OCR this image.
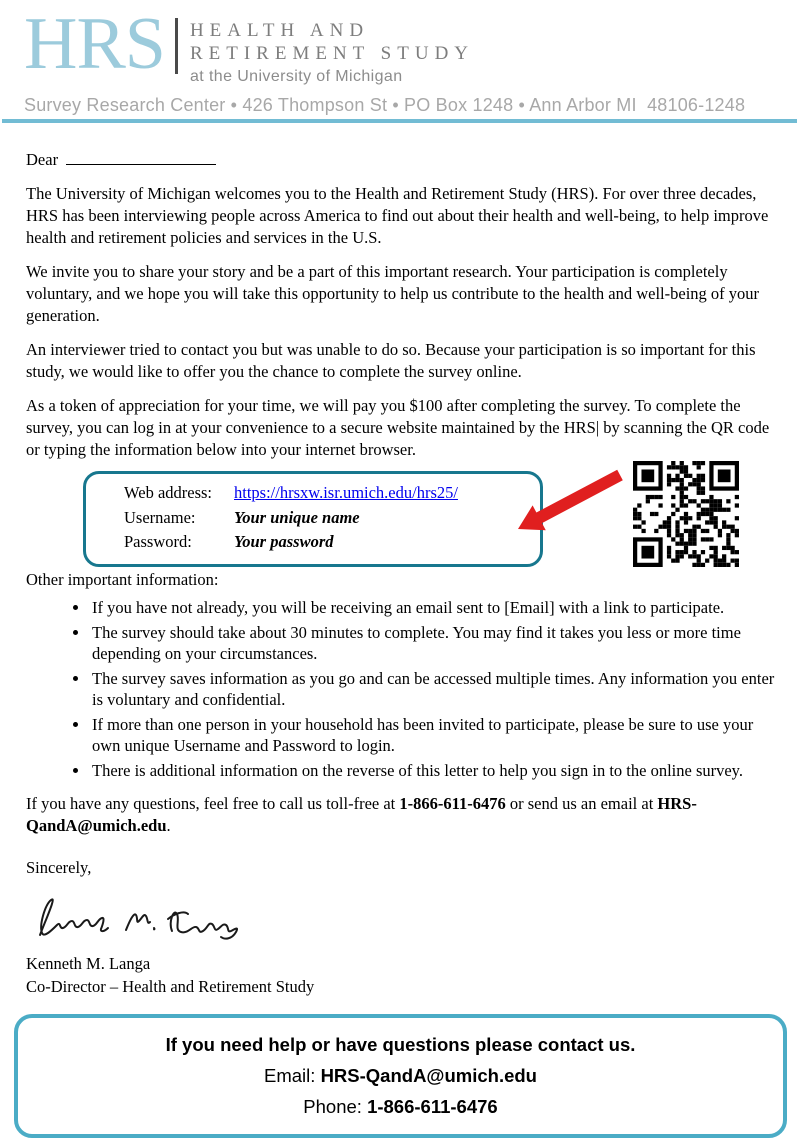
HRS HEALTH AND
RETIREMENT STUDY
at the University of Michigan
Survey Research Center • 426 Thompson St • PO Box 1248 • Ann Arbor MI  48106-1248
Dear

The University of Michigan welcomes you to the Health and Retirement Study (HRS). For over three decades, HRS has been interviewing people across America to find out about their health and well-being, to help improve health and retirement policies and services in the U.S.

We invite you to share your story and be a part of this important research. Your participation is completely voluntary, and we hope you will take this opportunity to help us contribute to the health and well-being of your generation.

An interviewer tried to contact you but was unable to do so. Because your participation is so important for this study, we would like to offer you the chance to complete the survey online.

As a token of appreciation for your time, we will pay you $100 after completing the survey. To complete the survey, you can log in at your convenience to a secure website maintained by the HRS| by scanning the QR code or typing the information below into your internet browser.

Web address:	https://hrsxw.isr.umich.edu/hrs25/
Username:	Your unique name
Password:	Your password
Other important information:
• If you have not already, you will be receiving an email sent to [Email] with a link to participate.
• The survey should take about 30 minutes to complete. You may find it takes you less or more time depending on your circumstances.
• The survey saves information as you go and can be accessed multiple times. Any information you enter is voluntary and confidential.
• If more than one person in your household has been invited to participate, please be sure to use your own unique Username and Password to login.
• There is additional information on the reverse of this letter to help you sign in to the online survey.

If you have any questions, feel free to call us toll-free at 1-866-611-6476 or send us an email at HRS-QandA@umich.edu.

Sincerely,
Kenneth M. Langa
Co-Director – Health and Retirement Study
If you need help or have questions please contact us.
Email: HRS-QandA@umich.edu
Phone: 1-866-611-6476
